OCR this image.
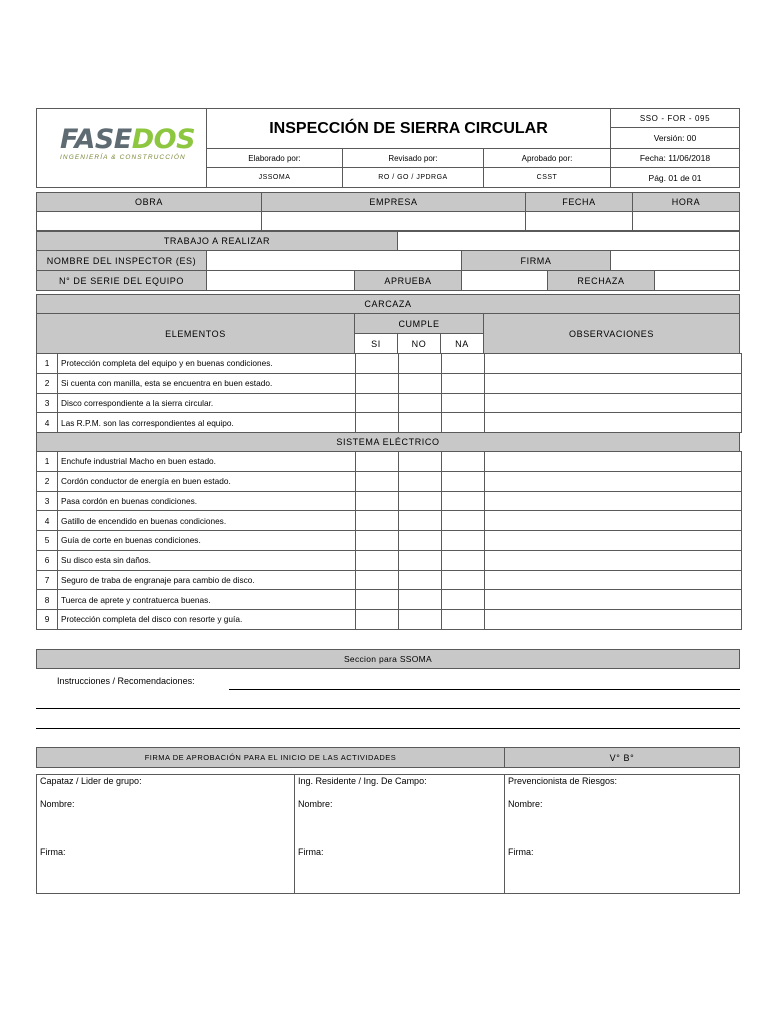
FASEDOS
INGENIERÍA & CONSTRUCCIÓN
INSPECCIÓN DE SIERRA CIRCULAR
SSO - FOR - 095
Versión: 00
Elaborado por:	Revisado por:	Aprobado por:	Fecha: 11/06/2018
JSSOMA	RO / GO / JPDRGA	CSST	Pág. 01 de 01
OBRA	EMPRESA	FECHA	HORA
TRABAJO A REALIZAR
NOMBRE DEL INSPECTOR (ES)	FIRMA
N° DE SERIE DEL EQUIPO	APRUEBA	RECHAZA
CARCAZA
ELEMENTOS
CUMPLE
SI	NO	NA
OBSERVACIONES
1	Protección completa del equipo y en buenas condiciones.				
2	Si cuenta con manilla, esta se encuentra en buen estado.				
3	Disco correspondiente a la sierra circular.				
4	Las R.P.M. son las correspondientes al equipo.				
SISTEMA ELÉCTRICO
1	Enchufe industrial Macho en buen estado.				
2	Cordón conductor de energía en buen estado.				
3	Pasa cordón en buenas condiciones.				
4	Gatillo de encendido en buenas condiciones.				
5	Guía de corte en buenas condiciones.				
6	Su disco esta sin daños.				
7	Seguro de traba de engranaje para cambio de disco.				
8	Tuerca de aprete y contratuerca buenas.				
9	Protección completa del disco con resorte y guía.				
Seccion para SSOMA
Instrucciones / Recomendaciones:
FIRMA DE APROBACIÓN PARA EL INICIO DE LAS ACTIVIDADES	V° B°
Capataz / Lider de grupo:
Nombre:
Firma:
Ing. Residente / Ing. De Campo:
Nombre:
Firma:
Prevencionista de Riesgos:
Nombre:
Firma:
